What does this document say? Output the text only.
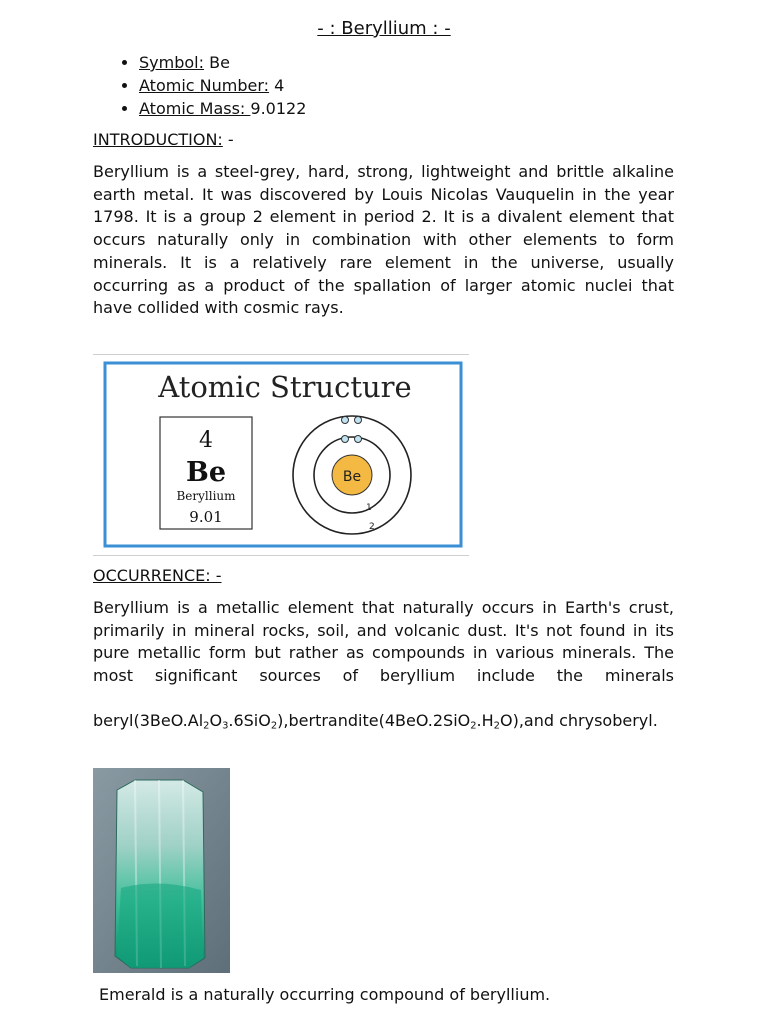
- : Beryllium : -
• Symbol: Be
• Atomic Number: 4
• Atomic Mass: 9.0122
INTRODUCTION: -

Beryllium is a steel-grey, hard, strong, lightweight and brittle alkaline earth metal. It was discovered by Louis Nicolas Vauquelin in the year 1798. It is a group 2 element in period 2. It is a divalent element that occurs naturally only in combination with other elements to form minerals. It is a relatively rare element in the universe, usually occurring as a product of the spallation of larger atomic nuclei that have collided with cosmic rays.

Atomic Structure
4
Be
Beryllium
9.01
Be
1
2
OCCURRENCE: -

Beryllium is a metallic element that naturally occurs in Earth's crust, primarily in mineral rocks, soil, and volcanic dust. It's not found in its pure metallic form but rather as compounds in various minerals. The most significant sources of beryllium include the minerals

$beryl(3BeO.Al_2O_3.6SiO_2),bertrandite(4BeO.2SiO_2.H_2O),and$ chrysoberyl.

Emerald is a naturally occurring compound of beryllium.
